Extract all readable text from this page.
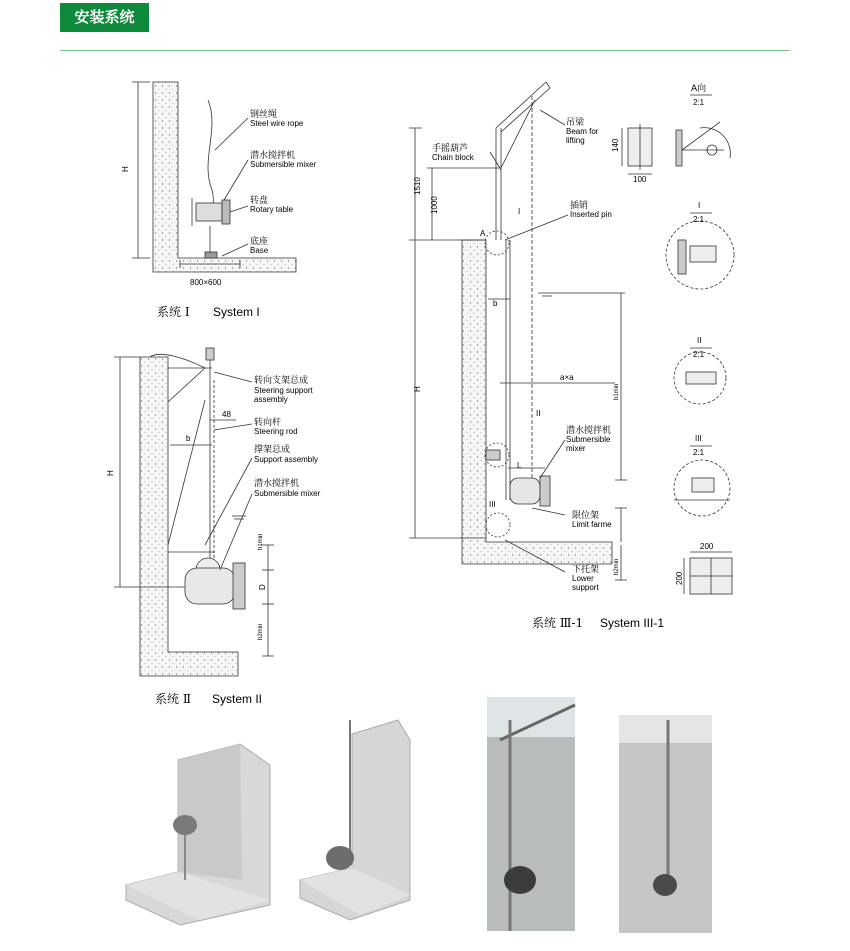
安装系统
H
800×600
钢丝绳
Steel wire rope
潜水搅拌机
Submersible mixer
转盘
Rotary table
底座
Base
系统 Ⅰ System I
H
b
48
h1min
D
h2min
转向支架总成
Steering support
assembly
转向杆
Steering rod
撑架总成
Support assembly
潜水搅拌机
Submersible mixer
系统 Ⅱ System II
1510
1000
H
b
a×a
L
h1min
h2min
A
I
II
III
吊梁
Beam for
lifting
手摇葫芦
Chain block
插销
Inserted pin
潜水搅拌机
Submersible
mixer
限位架
Limit farme
下托架
Lower
support
系统 Ⅲ-1 System III-1
A向
2:1
140
100
I
2:1
II
2:1
III
2:1
200
200
